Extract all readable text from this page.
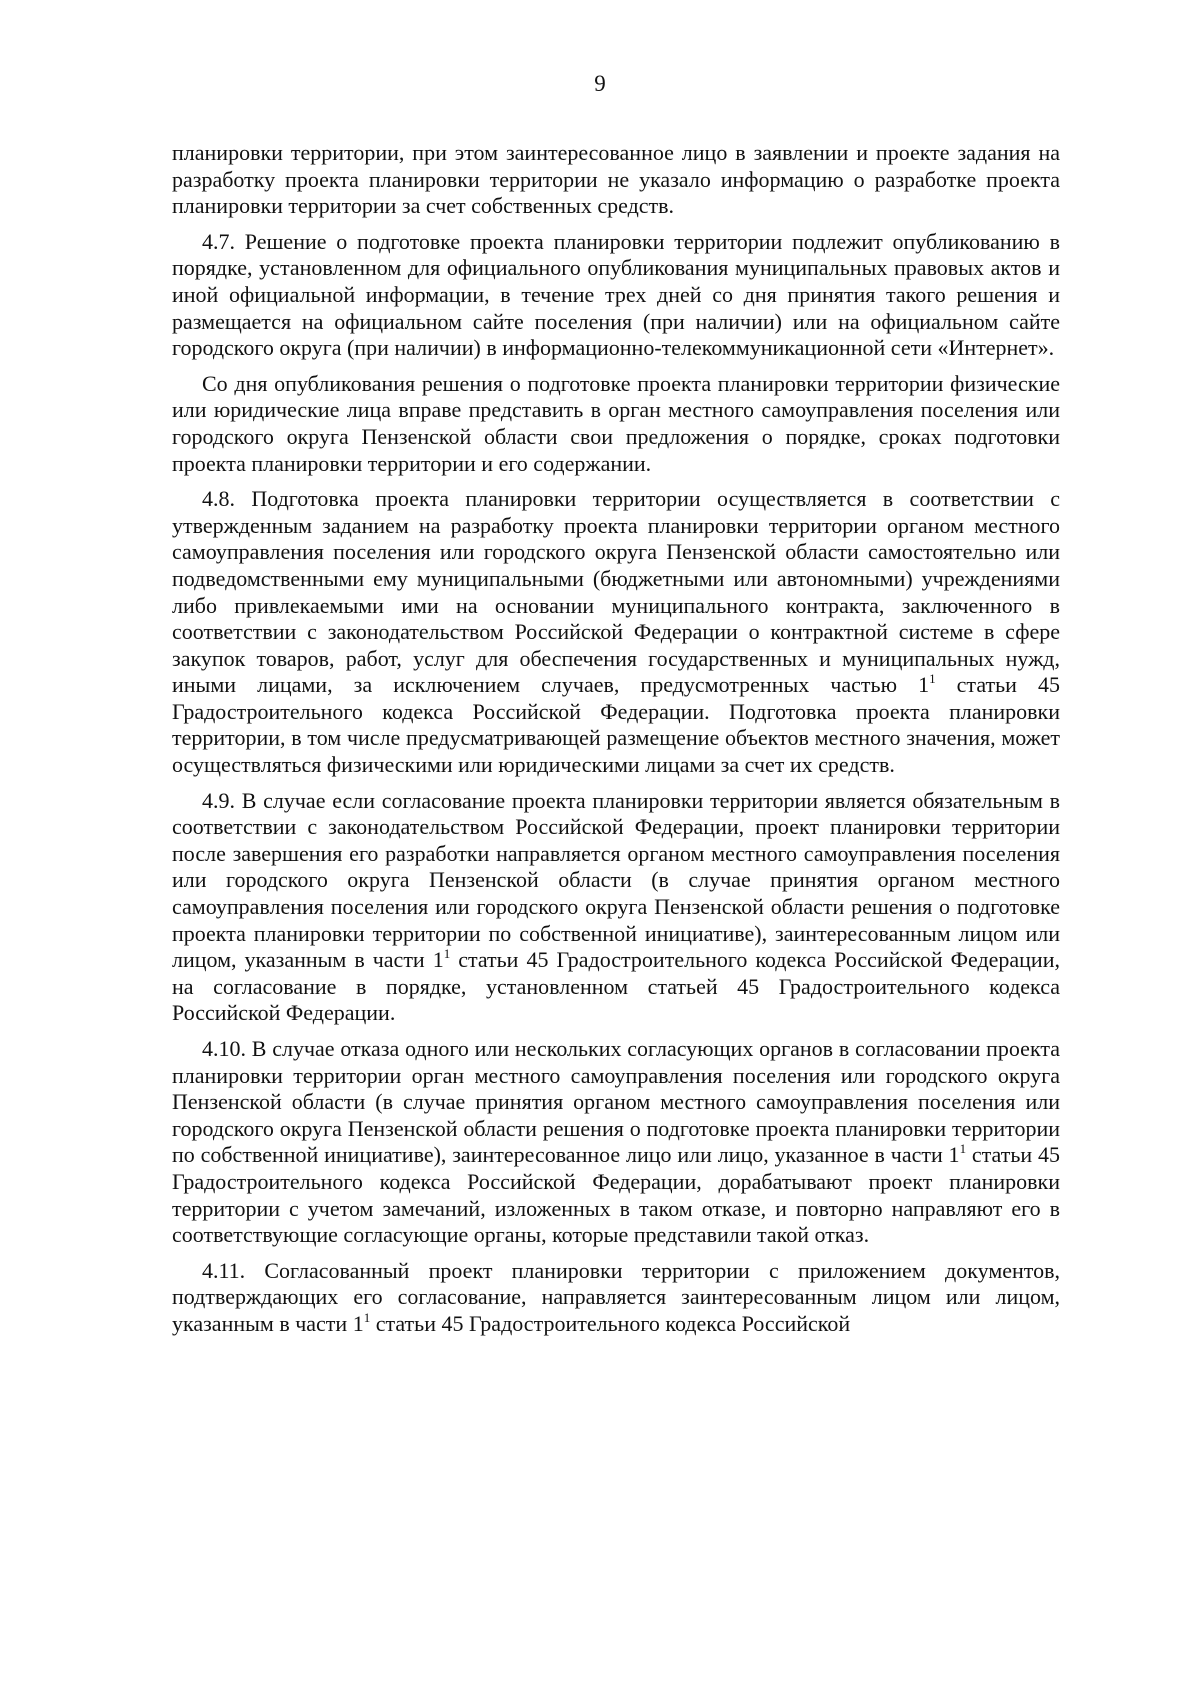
9

планировки территории, при этом заинтересованное лицо в заявлении и проекте задания на разработку проекта планировки территории не указало информацию о разработке проекта планировки территории за счет собственных средств.

4.7. Решение о подготовке проекта планировки территории подлежит опубликованию в порядке, установленном для официального опубликования муниципальных правовых актов и иной официальной информации, в течение трех дней со дня принятия такого решения и размещается на официальном сайте поселения (при наличии) или на официальном сайте городского округа (при наличии) в информационно-телекоммуникационной сети «Интернет».

Со дня опубликования решения о подготовке проекта планировки территории физические или юридические лица вправе представить в орган местного самоуправления поселения или городского округа Пензенской области свои предложения о порядке, сроках подготовки проекта планировки территории и его содержании.

4.8. Подготовка проекта планировки территории осуществляется в соответствии с утвержденным заданием на разработку проекта планировки территории органом местного самоуправления поселения или городского округа Пензенской области самостоятельно или подведомственными ему муниципальными (бюджетными или автономными) учреждениями либо привлекаемыми ими на основании муниципального контракта, заключенного в соответствии с законодательством Российской Федерации о контрактной системе в сфере закупок товаров, работ, услуг для обеспечения государственных и муниципальных нужд, иными лицами, за исключением случаев, предусмотренных частью $1^1$ статьи 45 Градостроительного кодекса Российской Федерации. Подготовка проекта планировки территории, в том числе предусматривающей размещение объектов местного значения, может осуществляться физическими или юридическими лицами за счет их средств.

4.9. В случае если согласование проекта планировки территории является обязательным в соответствии с законодательством Российской Федерации, проект планировки территории после завершения его разработки направляется органом местного самоуправления поселения или городского округа Пензенской области (в случае принятия органом местного самоуправления поселения или городского округа Пензенской области решения о подготовке проекта планировки территории по собственной инициативе), заинтересованным лицом или лицом, указанным в части $1^1$ статьи 45 Градостроительного кодекса Российской Федерации, на согласование в порядке, установленном статьей 45 Градостроительного кодекса Российской Федерации.

4.10. В случае отказа одного или нескольких согласующих органов в согласовании проекта планировки территории орган местного самоуправления поселения или городского округа Пензенской области (в случае принятия органом местного самоуправления поселения или городского округа Пензенской области решения о подготовке проекта планировки территории по собственной инициативе), заинтересованное лицо или лицо, указанное в части $1^1$ статьи 45 Градостроительного кодекса Российской Федерации, дорабатывают проект планировки территории с учетом замечаний, изложенных в таком отказе, и повторно направляют его в соответствующие согласующие органы, которые представили такой отказ.

4.11. Согласованный проект планировки территории с приложением документов, подтверждающих его согласование, направляется заинтересованным лицом или лицом, указанным в части $1^1$ статьи 45 Градостроительного кодекса Российской
